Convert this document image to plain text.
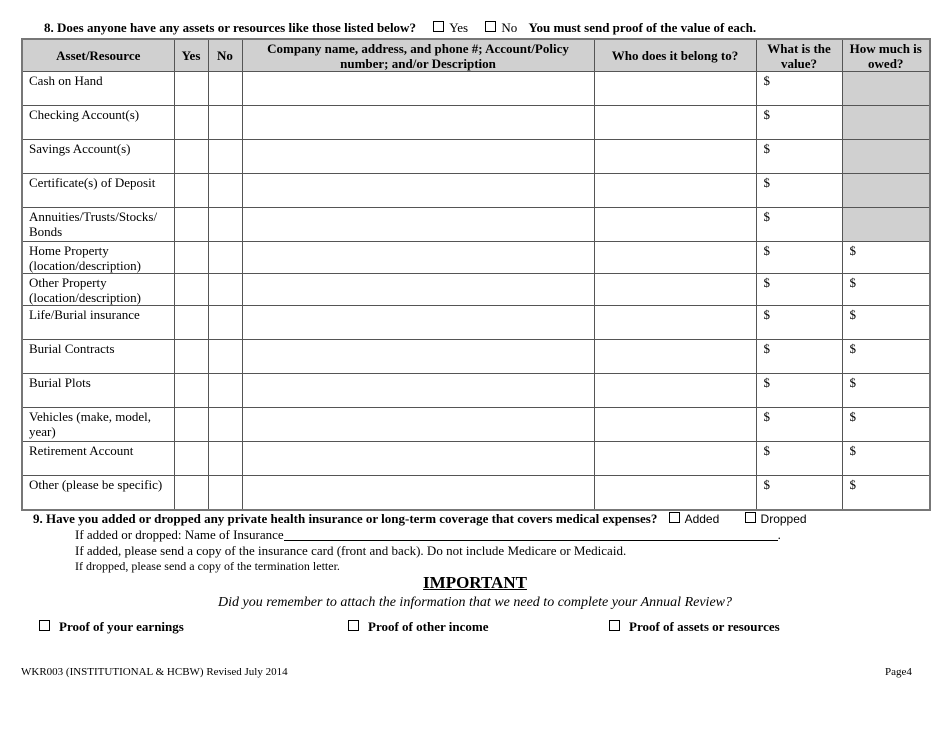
8. Does anyone have any assets or resources like those listed below?	Yes	No You must send proof of the value of each.
Asset/Resource	Yes	No	Company name, address, and phone #; Account/Policy number; and/or Description	Who does it belong to?	What is the value?	How much is owed?
Cash on Hand					$	
Checking Account(s)					$	
Savings Account(s)					$	
Certificate(s) of Deposit					$	
Annuities/Trusts/Stocks/ Bonds					$	
Home Property (location/description)					$	$
Other Property (location/description)					$	$
Life/Burial insurance					$	$
Burial Contracts					$	$
Burial Plots					$	$
Vehicles (make, model, year)					$	$
Retirement Account					$	$
Other (please be specific)					$	$
9. Have you added or dropped any private health insurance or long-term coverage that covers medical expenses? Added	Dropped
If added or dropped: Name of Insurance	.
If added, please send a copy of the insurance card (front and back). Do not include Medicare or Medicaid.
If dropped, please send a copy of the termination letter.
IMPORTANT
Did you remember to attach the information that we need to complete your Annual Review?
Proof of your earnings	Proof of other income	Proof of assets or resources
WKR003 (INSTITUTIONAL & HCBW) Revised July 2014	Page4
